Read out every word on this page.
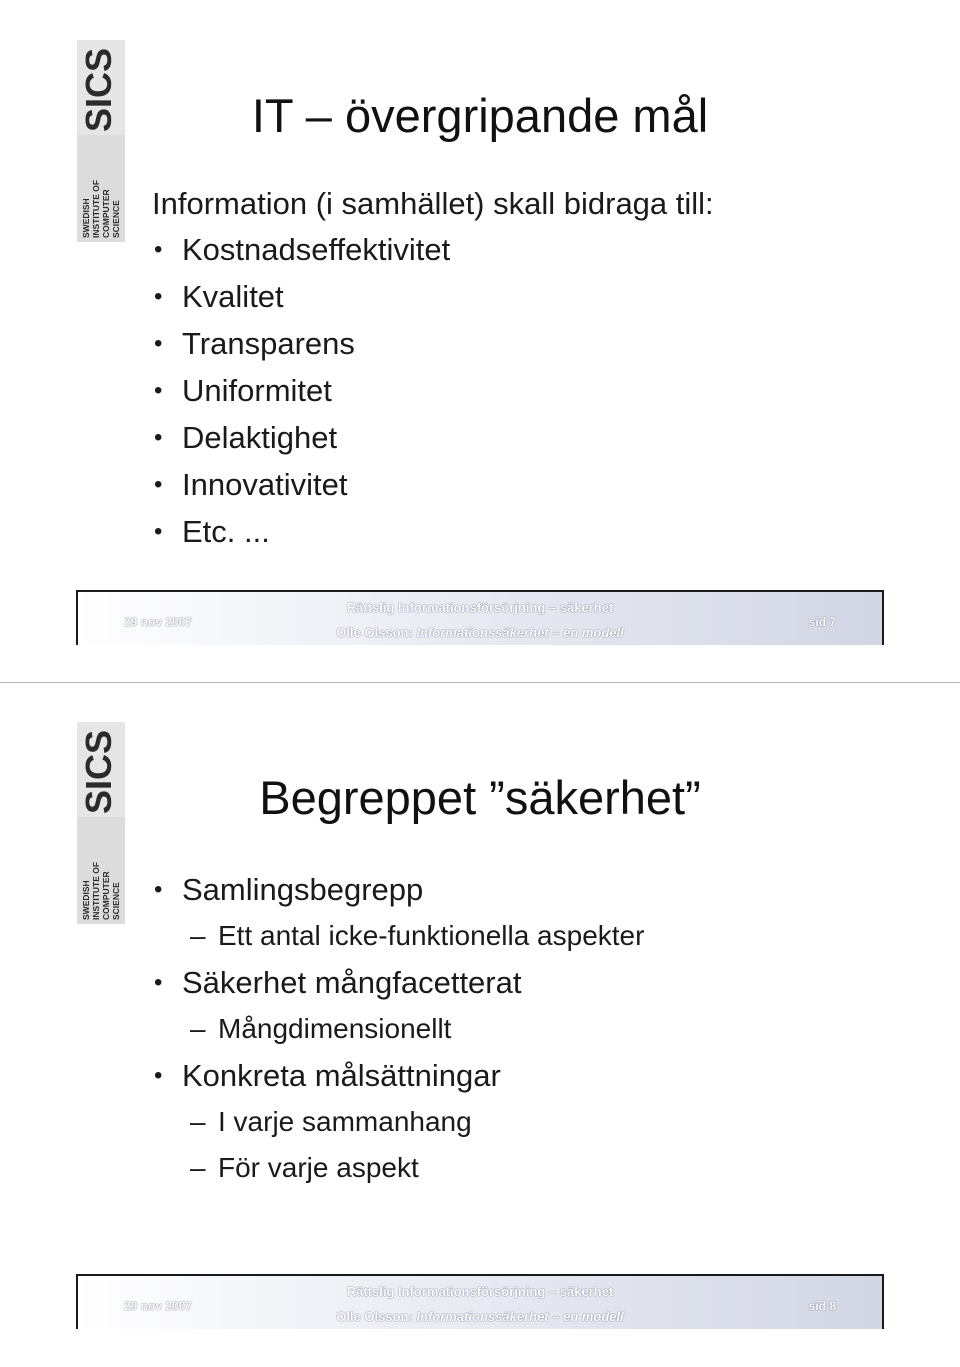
SICS
SWEDISH INSTITUTE OF COMPUTER SCIENCE
IT – övergripande mål
Information (i samhället) skall bidraga till:
• Kostnadseffektivitet
• Kvalitet
• Transparens
• Uniformitet
• Delaktighet
• Innovativitet
• Etc. ...
29 nov 2007
Rättslig Informationsförsörjning – säkerhet
Olle Olsson: Informationssäkerhet – en modell
sid 7
SICS
SWEDISH INSTITUTE OF COMPUTER SCIENCE
Begreppet ”säkerhet”
• Samlingsbegrepp
– Ett antal icke-funktionella aspekter
• Säkerhet mångfacetterat
– Mångdimensionellt
• Konkreta målsättningar
– I varje sammanhang
– För varje aspekt
29 nov 2007
Rättslig Informationsförsörjning – säkerhet
Olle Olsson: Informationssäkerhet – en modell
sid 8
